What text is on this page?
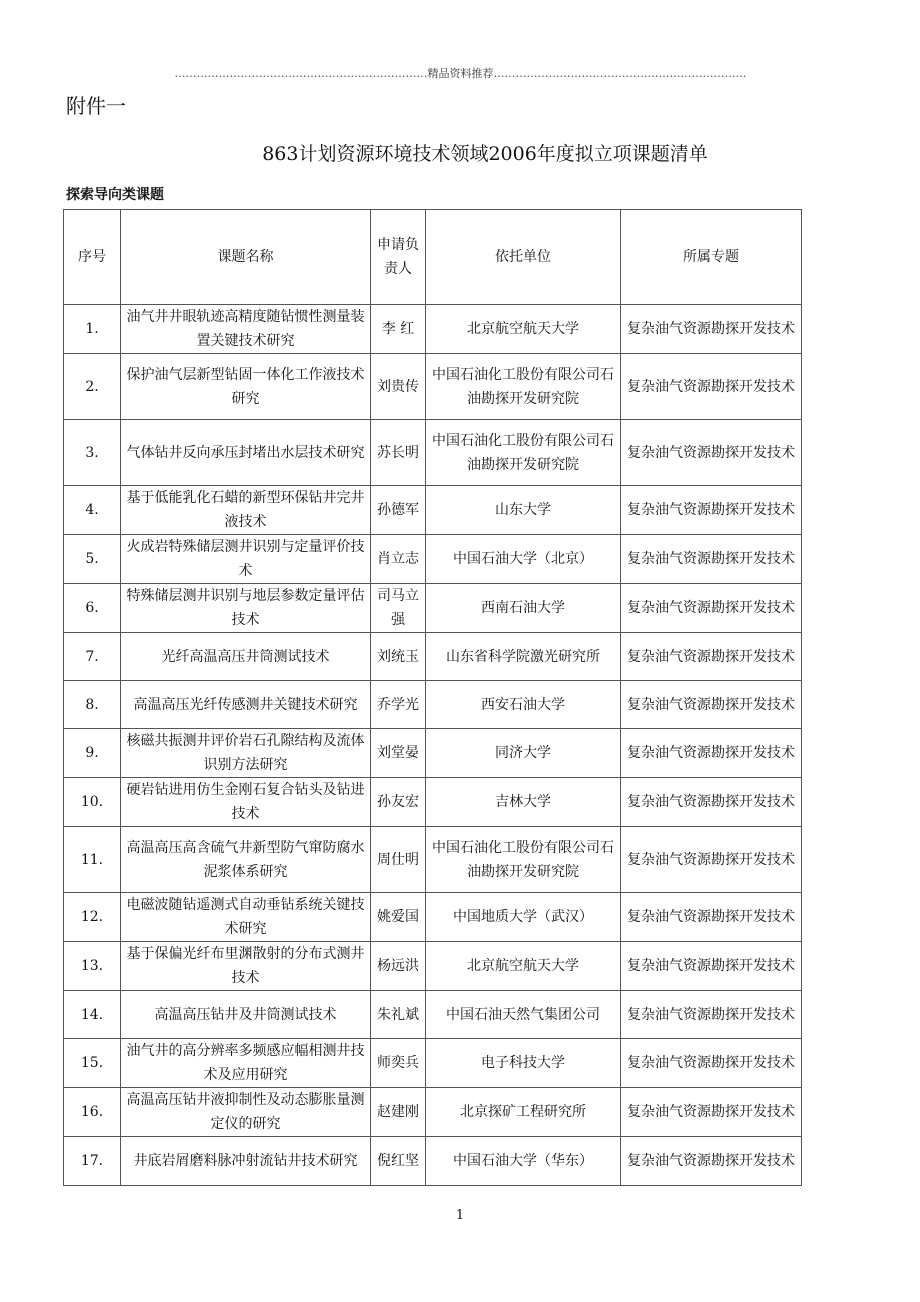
……………………………………………………………精品资料推荐……………………………………………………………
附件一
863计划资源环境技术领域2006年度拟立项课题清单
探索导向类课题
序号	课题名称	申请负责人	依托单位	所属专题
1.	油气井井眼轨迹高精度随钻惯性测量装置关键技术研究	李 红	北京航空航天大学	复杂油气资源勘探开发技术
2.	保护油气层新型钻固一体化工作液技术研究	刘贵传	中国石油化工股份有限公司石油勘探开发研究院	复杂油气资源勘探开发技术
3.	气体钻井反向承压封堵出水层技术研究	苏长明	中国石油化工股份有限公司石油勘探开发研究院	复杂油气资源勘探开发技术
4.	基于低能乳化石蜡的新型环保钻井完井液技术	孙德军	山东大学	复杂油气资源勘探开发技术
5.	火成岩特殊储层测井识别与定量评价技术	肖立志	中国石油大学（北京）	复杂油气资源勘探开发技术
6.	特殊储层测井识别与地层参数定量评估技术	司马立强	西南石油大学	复杂油气资源勘探开发技术
7.	光纤高温高压井筒测试技术	刘统玉	山东省科学院激光研究所	复杂油气资源勘探开发技术
8.	高温高压光纤传感测井关键技术研究	乔学光	西安石油大学	复杂油气资源勘探开发技术
9.	核磁共振测井评价岩石孔隙结构及流体识别方法研究	刘堂晏	同济大学	复杂油气资源勘探开发技术
10.	硬岩钻进用仿生金刚石复合钻头及钻进技术	孙友宏	吉林大学	复杂油气资源勘探开发技术
11.	高温高压高含硫气井新型防气窜防腐水泥浆体系研究	周仕明	中国石油化工股份有限公司石油勘探开发研究院	复杂油气资源勘探开发技术
12.	电磁波随钻遥测式自动垂钻系统关键技术研究	姚爱国	中国地质大学（武汉）	复杂油气资源勘探开发技术
13.	基于保偏光纤布里渊散射的分布式测井技术	杨远洪	北京航空航天大学	复杂油气资源勘探开发技术
14.	高温高压钻井及井筒测试技术	朱礼斌	中国石油天然气集团公司	复杂油气资源勘探开发技术
15.	油气井的高分辨率多频感应幅相测井技术及应用研究	师奕兵	电子科技大学	复杂油气资源勘探开发技术
16.	高温高压钻井液抑制性及动态膨胀量测定仪的研究	赵建刚	北京探矿工程研究所	复杂油气资源勘探开发技术
17.	井底岩屑磨料脉冲射流钻井技术研究	倪红坚	中国石油大学（华东）	复杂油气资源勘探开发技术
1
